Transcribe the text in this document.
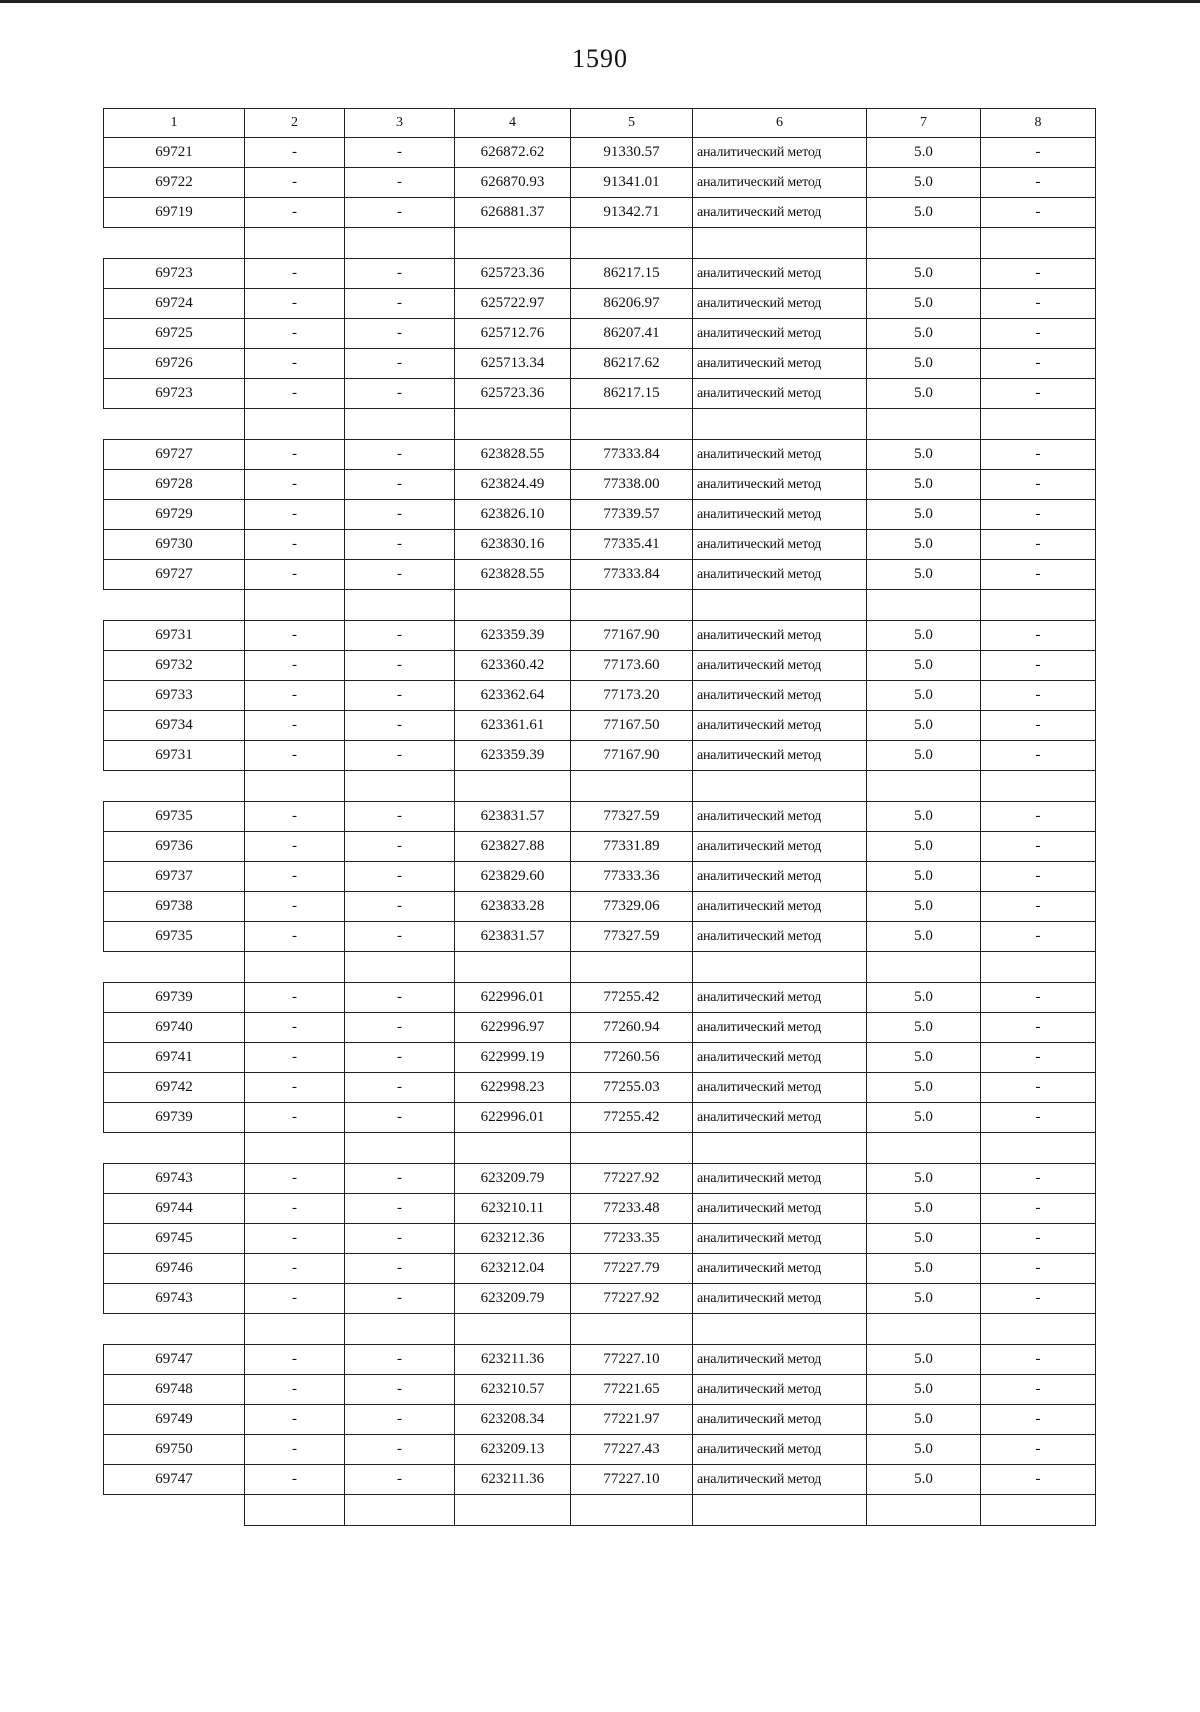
1590
1	2	3	4	5	6	7	8
69721	-	-	626872.62	91330.57	аналитический метод	5.0	-
69722	-	-	626870.93	91341.01	аналитический метод	5.0	-
69719	-	-	626881.37	91342.71	аналитический метод	5.0	-

69723	-	-	625723.36	86217.15	аналитический метод	5.0	-
69724	-	-	625722.97	86206.97	аналитический метод	5.0	-
69725	-	-	625712.76	86207.41	аналитический метод	5.0	-
69726	-	-	625713.34	86217.62	аналитический метод	5.0	-
69723	-	-	625723.36	86217.15	аналитический метод	5.0	-

69727	-	-	623828.55	77333.84	аналитический метод	5.0	-
69728	-	-	623824.49	77338.00	аналитический метод	5.0	-
69729	-	-	623826.10	77339.57	аналитический метод	5.0	-
69730	-	-	623830.16	77335.41	аналитический метод	5.0	-
69727	-	-	623828.55	77333.84	аналитический метод	5.0	-

69731	-	-	623359.39	77167.90	аналитический метод	5.0	-
69732	-	-	623360.42	77173.60	аналитический метод	5.0	-
69733	-	-	623362.64	77173.20	аналитический метод	5.0	-
69734	-	-	623361.61	77167.50	аналитический метод	5.0	-
69731	-	-	623359.39	77167.90	аналитический метод	5.0	-

69735	-	-	623831.57	77327.59	аналитический метод	5.0	-
69736	-	-	623827.88	77331.89	аналитический метод	5.0	-
69737	-	-	623829.60	77333.36	аналитический метод	5.0	-
69738	-	-	623833.28	77329.06	аналитический метод	5.0	-
69735	-	-	623831.57	77327.59	аналитический метод	5.0	-

69739	-	-	622996.01	77255.42	аналитический метод	5.0	-
69740	-	-	622996.97	77260.94	аналитический метод	5.0	-
69741	-	-	622999.19	77260.56	аналитический метод	5.0	-
69742	-	-	622998.23	77255.03	аналитический метод	5.0	-
69739	-	-	622996.01	77255.42	аналитический метод	5.0	-

69743	-	-	623209.79	77227.92	аналитический метод	5.0	-
69744	-	-	623210.11	77233.48	аналитический метод	5.0	-
69745	-	-	623212.36	77233.35	аналитический метод	5.0	-
69746	-	-	623212.04	77227.79	аналитический метод	5.0	-
69743	-	-	623209.79	77227.92	аналитический метод	5.0	-

69747	-	-	623211.36	77227.10	аналитический метод	5.0	-
69748	-	-	623210.57	77221.65	аналитический метод	5.0	-
69749	-	-	623208.34	77221.97	аналитический метод	5.0	-
69750	-	-	623209.13	77227.43	аналитический метод	5.0	-
69747	-	-	623211.36	77227.10	аналитический метод	5.0	-
